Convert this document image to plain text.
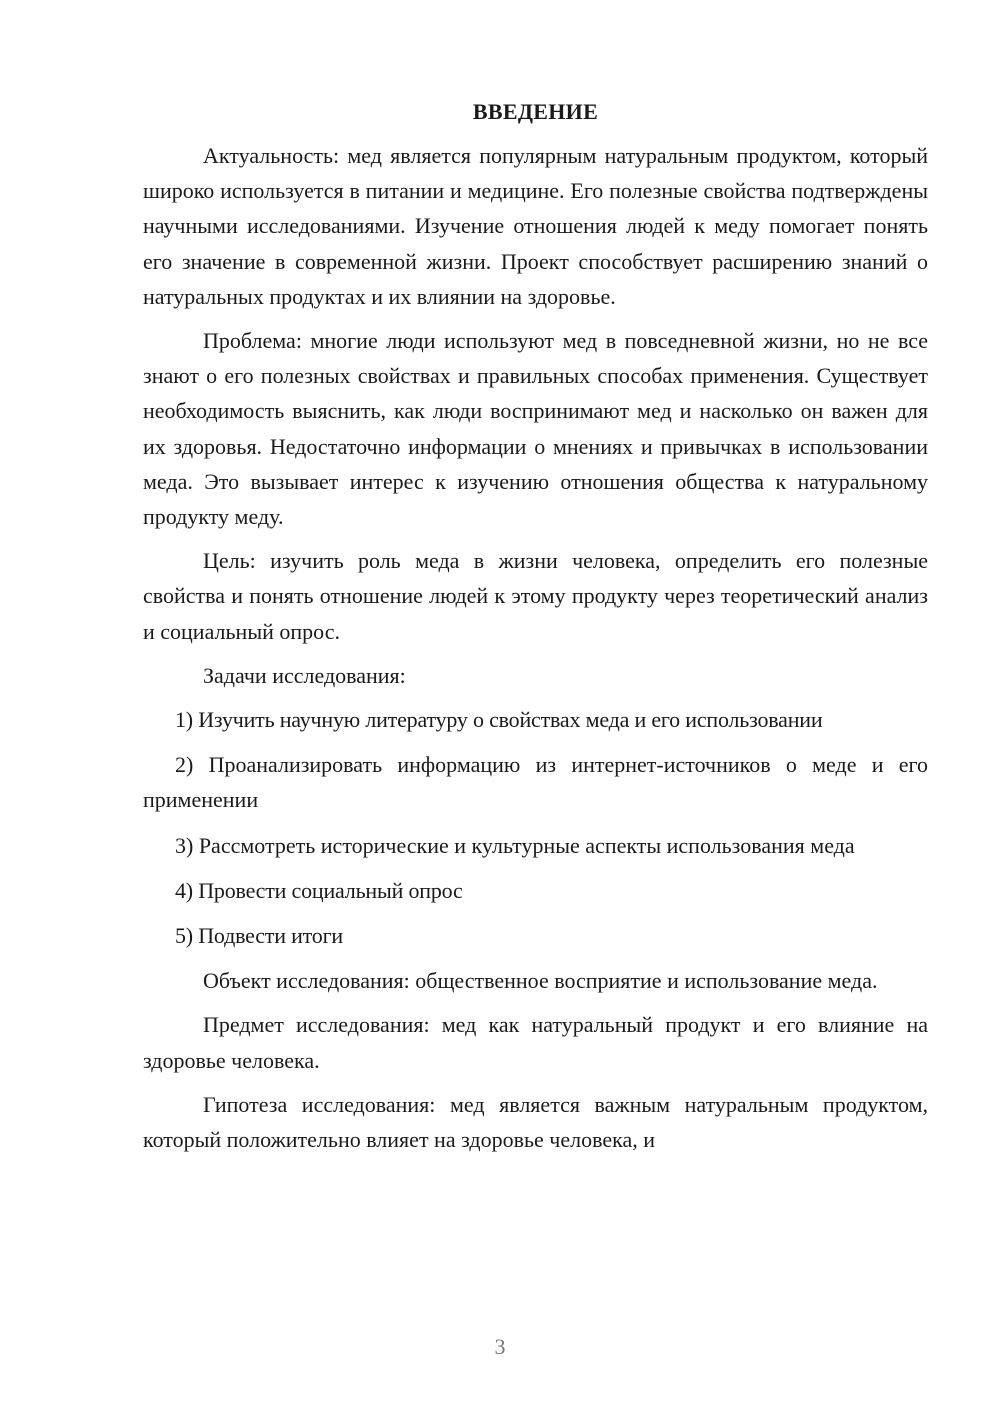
ВВЕДЕНИЕ

Актуальность: мед является популярным натуральным продуктом, который широко используется в питании и медицине. Его полезные свойства подтверждены научными исследованиями. Изучение отношения людей к меду помогает понять его значение в современной жизни. Проект способствует расширению знаний о натуральных продуктах и их влиянии на здоровье.

Проблема: многие люди используют мед в повседневной жизни, но не все знают о его полезных свойствах и правильных способах применения. Существует необходимость выяснить, как люди воспринимают мед и насколько он важен для их здоровья. Недостаточно информации о мнениях и привычках в использовании меда. Это вызывает интерес к изучению отношения общества к натуральному продукту меду.

Цель: изучить роль меда в жизни человека, определить его полезные свойства и понять отношение людей к этому продукту через теоретический анализ и социальный опрос.

Задачи исследования:

1) Изучить научную литературу о свойствах меда и его использовании

2) Проанализировать информацию из интернет-источников о меде и его применении

3) Рассмотреть исторические и культурные аспекты использования меда

4) Провести социальный опрос

5) Подвести итоги

Объект исследования: общественное восприятие и использование меда.

Предмет исследования: мед как натуральный продукт и его влияние на здоровье человека.

Гипотеза исследования: мед является важным натуральным продуктом, который положительно влияет на здоровье человека, и

3
